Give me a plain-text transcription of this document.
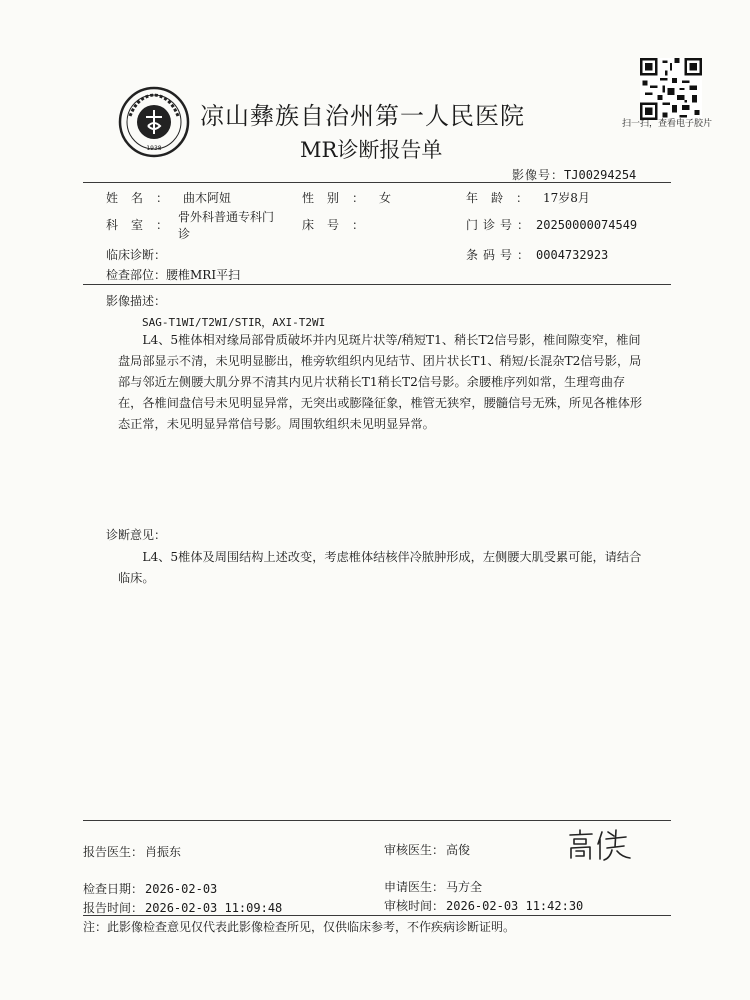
1938
凉山彝族自治州第一人民医院
MR诊断报告单
扫一扫，查看电子胶片
影像号：TJ00294254
姓名： 曲木阿妞	性别： 女	年龄： 17岁8月
科室：
骨外科普通专科门
诊
床号：	门诊号： 20250000074549
临床诊断：	条码号： 0004732923
检查部位：腰椎MRI平扫
影像描述：
SAG-T1WI/T2WI/STIR，AXI-T2WI
L4、5椎体相对缘局部骨质破坏并内见斑片状等/稍短T1、稍长T2信号影，椎间隙变窄，椎间盘局部显示不清，未见明显膨出，椎旁软组织内见结节、团片状长T1、稍短/长混杂T2信号影，局部与邻近左侧腰大肌分界不清其内见片状稍长T1稍长T2信号影。余腰椎序列如常，生理弯曲存在，各椎间盘信号未见明显异常，无突出或膨隆征象，椎管无狭窄，腰髓信号无殊，所见各椎体形态正常，未见明显异常信号影。周围软组织未见明显异常。
诊断意见：
L4、5椎体及周围结构上述改变，考虑椎体结核伴冷脓肿形成，左侧腰大肌受累可能，请结合临床。
报告医生： 肖振东	审核医生： 高俊
检查日期： 2026-02-03	申请医生： 马方全
报告时间： 2026-02-03 11:09:48	审核时间： 2026-02-03 11:42:30
注：此影像检查意见仅代表此影像检查所见，仅供临床参考，不作疾病诊断证明。
